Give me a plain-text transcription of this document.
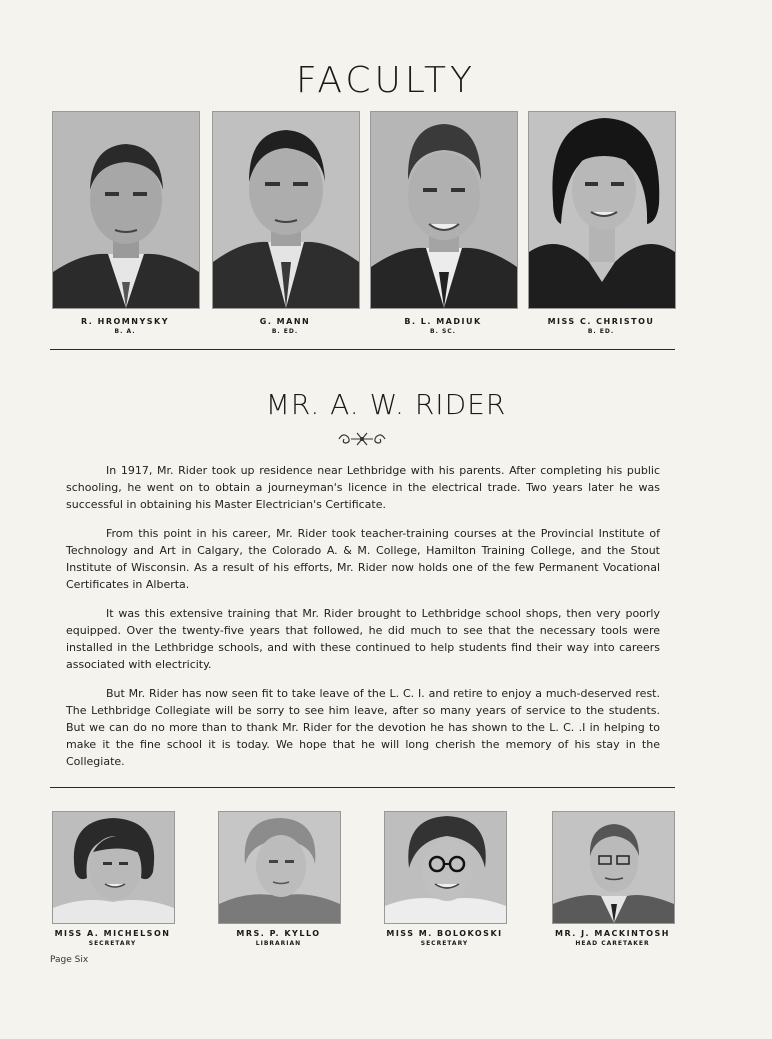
FACULTY
R. HROMNYSKY
B. A.
G. MANN
B. ED.
B. L. MADIUK
B. SC.
MISS C. CHRISTOU
B. ED.
MR. A. W. RIDER

In 1917, Mr. Rider took up residence near Lethbridge with his parents. After completing his public schooling, he went on to obtain a journeyman's licence in the electrical trade. Two years later he was successful in obtaining his Master Electrician's Certificate.

From this point in his career, Mr. Rider took teacher-training courses at the Provincial Institute of Technology and Art in Calgary, the Colorado A. & M. College, Hamilton Training College, and the Stout Institute of Wisconsin. As a result of his efforts, Mr. Rider now holds one of the few Permanent Vocational Certificates in Alberta.

It was this extensive training that Mr. Rider brought to Lethbridge school shops, then very poorly equipped. Over the twenty-five years that followed, he did much to see that the necessary tools were installed in the Lethbridge schools, and with these continued to help students find their way into careers associated with electricity.

But Mr. Rider has now seen fit to take leave of the L. C. I. and retire to enjoy a much-deserved rest. The Lethbridge Collegiate will be sorry to see him leave, after so many years of service to the students. But we can do no more than to thank Mr. Rider for the devotion he has shown to the L. C. .I in helping to make it the fine school it is today. We hope that he will long cherish the memory of his stay in the Collegiate.

MISS A. MICHELSON
SECRETARY
MRS. P. KYLLO
LIBRARIAN
MISS M. BOLOKOSKI
SECRETARY
MR. J. MACKINTOSH
HEAD CARETAKER
Page Six
